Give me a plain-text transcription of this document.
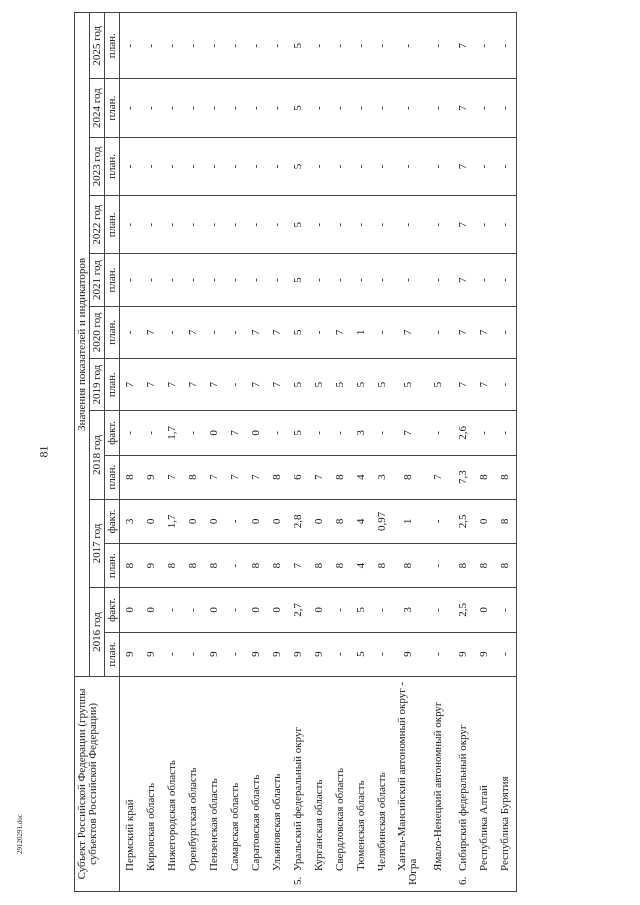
81
29120291.doc	Субъект Российской Федерации (группы субъектов Российской Федерации)	Значения показателей и индикаторов												
	2016 год		2017 год		2018 год		2019 год	2020 год	2021 год	2022 год	2023 год	2024 год	2025 год

	план.	факт.	план.	факт.	план.	факт.	план.	план.	план.	план.	план.	план.	план.
Пермский край	9	0	8	3	8	-	7	-	-	-	-	-	-
Кировская область	9	0	9	0	9	-	7	7	-	-	-	-	-
Нижегородская область	-	-	8	1,7	7	1,7	7	-	-	-	-	-	-
Оренбургская область	-	-	8	0	8	-	7	7	-	-	-	-	-
Пензенская область	9	0	8	0	7	0	7	-	-	-	-	-	-
Самарская область	-	-	-	-	7	7	-	-	-	-	-	-	-
Саратовская область	9	0	8	0	7	0	7	7	-	-	-	-	-
Ульяновская область	9	0	8	0	8	-	7	7	-	-	-	-	-
5.Уральский федеральный округ	9	2,7	7	2,8	6	5	5	5	5	5	5	5	5
Курганская область	9	0	8	0	7	-	5	-	-	-	-	-	-
Свердловская область	-	-	8	8	8	-	5	7	-	-	-	-	-
Тюменская область	5	5	4	4	4	3	5	1	-	-	-	-	-
Челябинская область	-	-	8	0,97	3	-	5	-	-	-	-	-	-
Ханты-Мансийский автономный округ - Югра	9	3	8	1	8	7	5	7	-	-	-	-	-
Ямало-Ненецкий автономный округ	-	-	-	-	7	-	5	-	-	-	-	-	-
6.Сибирский федеральный округ	9	2,5	8	2,5	7,3	2,6	7	7	7	7	7	7	7
Республика Алтай	9	0	8	0	8	-	7	7	-	-	-	-	-
Республика Бурятия	-	-	8	8	8	-	-	-	-	-	-	-	-
